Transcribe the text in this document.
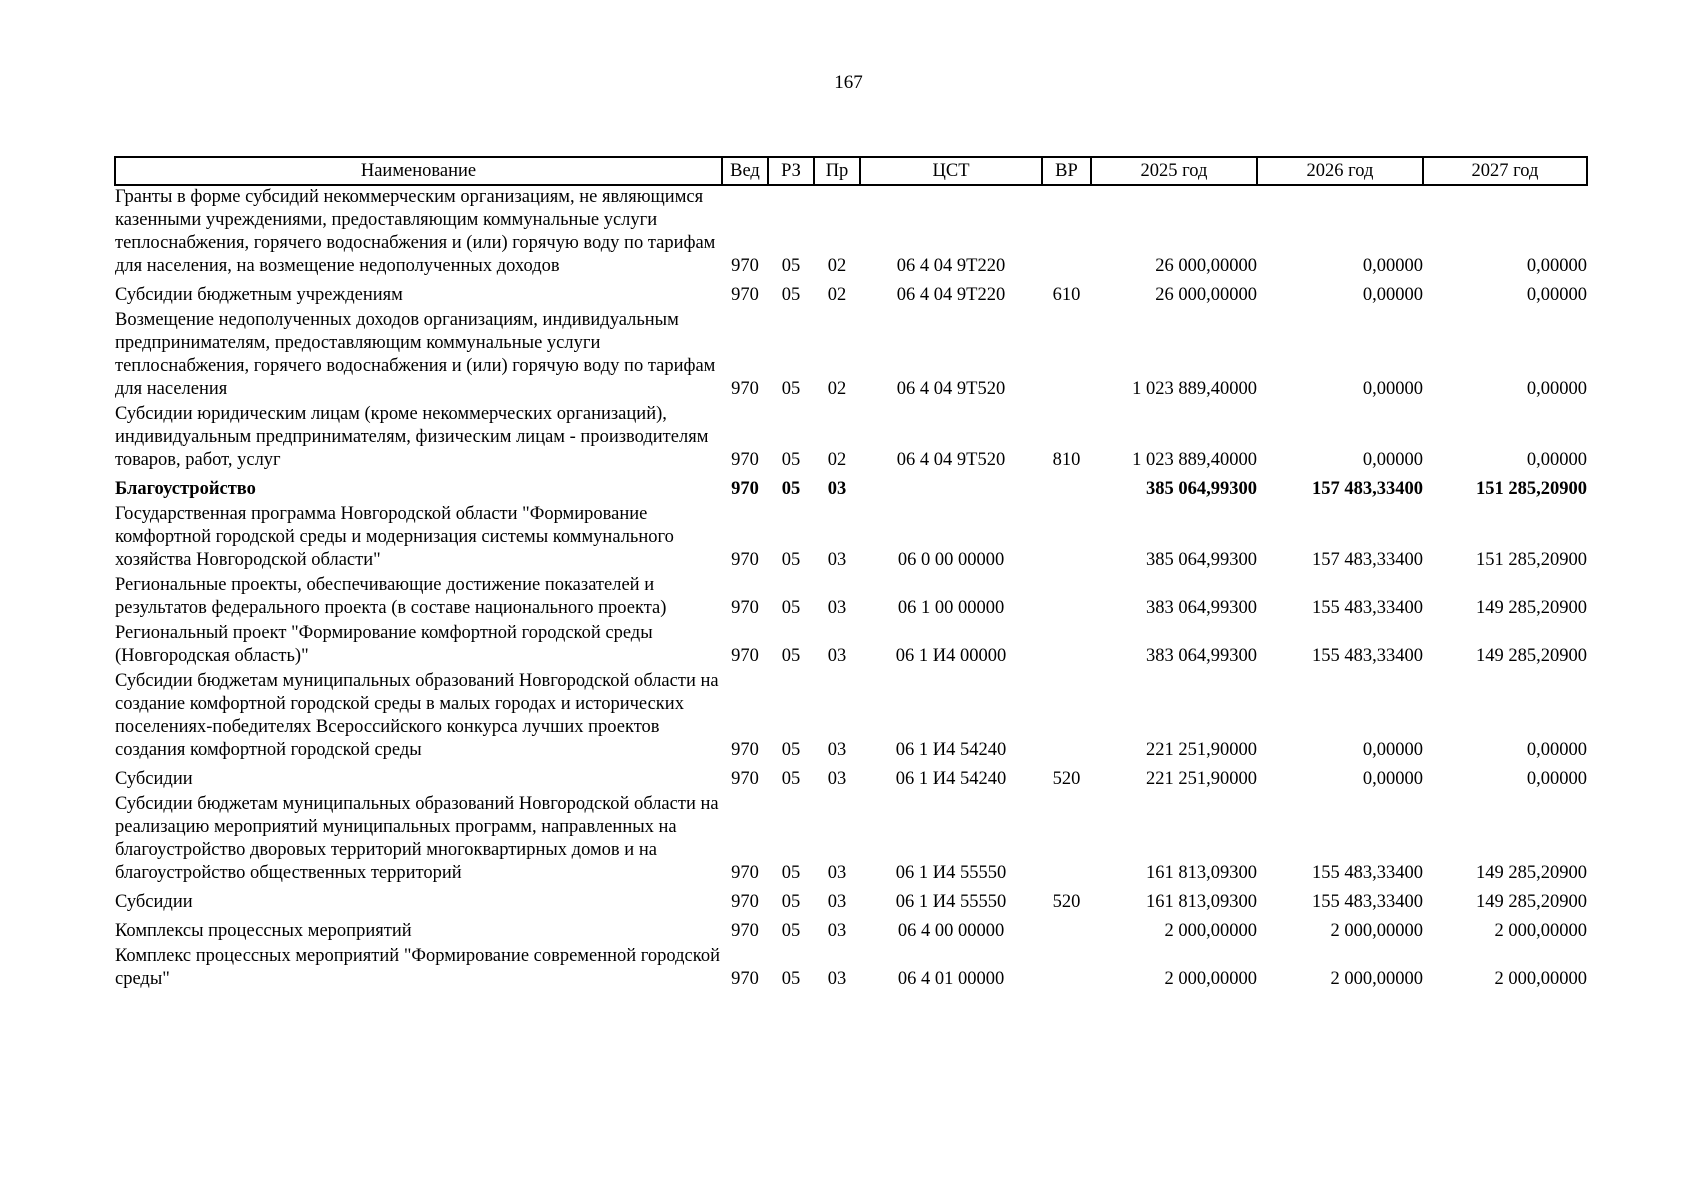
167
Наименование	Вед	РЗ	Пр	ЦСТ	ВР	2025 год	2026 год	2027 год
Гранты в форме субсидий некоммерческим организациям, не являющимся казенными учреждениями, предоставляющим коммунальные услуги теплоснабжения, горячего водоснабжения и (или) горячую воду по тарифам для населения, на возмещение недополученных доходов	970	05	02	06 4 04 9Т220		26 000,00000	0,00000	0,00000
Субсидии бюджетным учреждениям	970	05	02	06 4 04 9Т220	610	26 000,00000	0,00000	0,00000
Возмещение недополученных доходов организациям, индивидуальным предпринимателям, предоставляющим коммунальные услуги теплоснабжения, горячего водоснабжения и (или) горячую воду по тарифам для населения	970	05	02	06 4 04 9Т520		1 023 889,40000	0,00000	0,00000
Субсидии юридическим лицам (кроме некоммерческих организаций), индивидуальным предпринимателям, физическим лицам - производителям товаров, работ, услуг	970	05	02	06 4 04 9Т520	810	1 023 889,40000	0,00000	0,00000
Благоустройство	970	05	03			385 064,99300	157 483,33400	151 285,20900
Государственная программа Новгородской области "Формирование комфортной городской среды и модернизация системы коммунального хозяйства Новгородской области"	970	05	03	06 0 00 00000		385 064,99300	157 483,33400	151 285,20900
Региональные проекты, обеспечивающие достижение показателей и результатов федерального проекта (в составе национального проекта)	970	05	03	06 1 00 00000		383 064,99300	155 483,33400	149 285,20900
Региональный проект "Формирование комфортной городской среды (Новгородская область)"	970	05	03	06 1 И4 00000		383 064,99300	155 483,33400	149 285,20900
Субсидии бюджетам муниципальных образований Новгородской области на создание комфортной городской среды в малых городах и исторических поселениях-победителях Всероссийского конкурса лучших проектов создания комфортной городской среды	970	05	03	06 1 И4 54240		221 251,90000	0,00000	0,00000
Субсидии	970	05	03	06 1 И4 54240	520	221 251,90000	0,00000	0,00000
Субсидии бюджетам муниципальных образований Новгородской области на реализацию мероприятий муниципальных программ, направленных на благоустройство дворовых территорий многоквартирных домов и на благоустройство общественных территорий	970	05	03	06 1 И4 55550		161 813,09300	155 483,33400	149 285,20900
Субсидии	970	05	03	06 1 И4 55550	520	161 813,09300	155 483,33400	149 285,20900
Комплексы процессных мероприятий	970	05	03	06 4 00 00000		2 000,00000	2 000,00000	2 000,00000
Комплекс процессных мероприятий "Формирование современной городской среды"	970	05	03	06 4 01 00000		2 000,00000	2 000,00000	2 000,00000
